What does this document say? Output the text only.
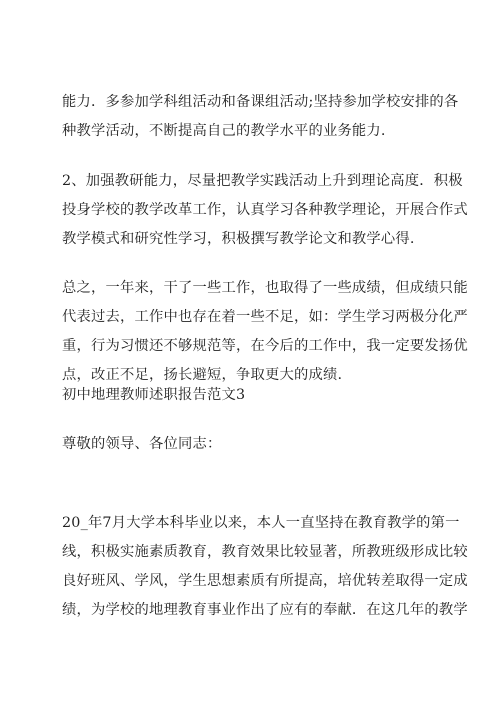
能力．多参加学科组活动和备课组活动;坚持参加学校安排的各
种教学活动，不断提高自己的教学水平的业务能力.
2、加强教研能力，尽量把教学实践活动上升到理论高度．积极
投身学校的教学改革工作，认真学习各种教学理论，开展合作式
教学模式和研究性学习，积极撰写教学论文和教学心得.
总之，一年来，干了一些工作，也取得了一些成绩，但成绩只能
代表过去，工作中也存在着一些不足，如：学生学习两极分化严
重，行为习惯还不够规范等，在今后的工作中，我一定要发扬优
点，改正不足，扬长避短，争取更大的成绩.
初中地理教师述职报告范文3
尊敬的领导、各位同志：
20_年7月大学本科毕业以来，本人一直坚持在教育教学的第一
线，积极实施素质教育，教育效果比较显著，所教班级形成比较
良好班风、学风，学生思想素质有所提高，培优转差取得一定成
绩，为学校的地理教育事业作出了应有的奉献．在这几年的教学
